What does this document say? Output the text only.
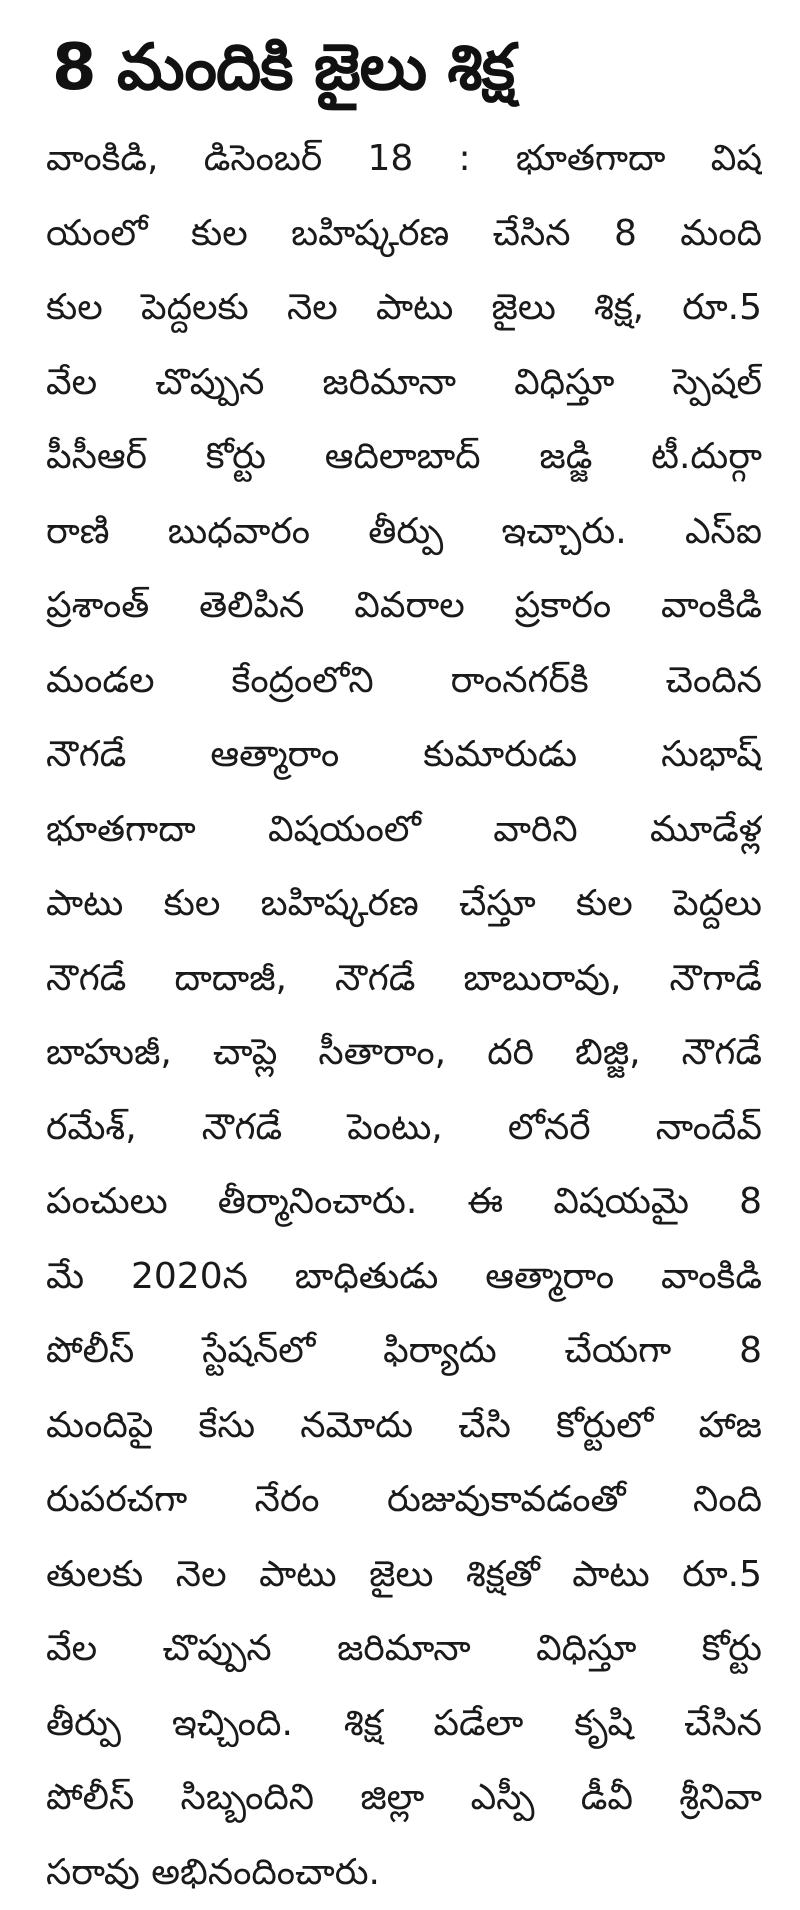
8 మందికి జైలు శిక్ష
వాంకిడి, డిసెంబర్ 18 : భూతగాదా విష
యంలో కుల బహిష్కరణ చేసిన 8 మంది
కుల పెద్దలకు నెల పాటు జైలు శిక్ష, రూ.5
వేల చొప్పున జరిమానా విధిస్తూ స్పెషల్
పీసీఆర్ కోర్టు ఆదిలాబాద్ జడ్జి టీ.దుర్గా
రాణి బుధవారం తీర్పు ఇచ్చారు. ఎస్ఐ
ప్రశాంత్ తెలిపిన వివరాల ప్రకారం వాంకిడి
మండల కేంద్రంలోని రాంనగర్‌కి చెందిన
నౌగడే ఆత్మారాం కుమారుడు సుభాష్
భూతగాదా విషయంలో వారిని మూడేళ్ల
పాటు కుల బహిష్కరణ చేస్తూ కుల పెద్దలు
నౌగడే దాదాజీ, నౌగడే బాబురావు, నౌగాడే
బాహుజీ, చాప్లె సీతారాం, దరి బిజ్జి, నౌగడే
రమేశ్, నౌగడే పెంటు, లోనరే నాందేవ్
పంచులు తీర్మానించారు. ఈ విషయమై 8
మే 2020న బాధితుడు ఆత్మారాం వాంకిడి
పోలీస్ స్టేషన్‌లో ఫిర్యాదు చేయగా 8
మందిపై కేసు నమోదు చేసి కోర్టులో హాజ
రుపరచగా నేరం రుజువుకావడంతో నింది
తులకు నెల పాటు జైలు శిక్షతో పాటు రూ.5
వేల చొప్పున జరిమానా విధిస్తూ కోర్టు
తీర్పు ఇచ్చింది. శిక్ష పడేలా కృషి చేసిన
పోలీస్ సిబ్బందిని జిల్లా ఎస్పీ డీవీ శ్రీనివా
సరావు అభినందించారు.
